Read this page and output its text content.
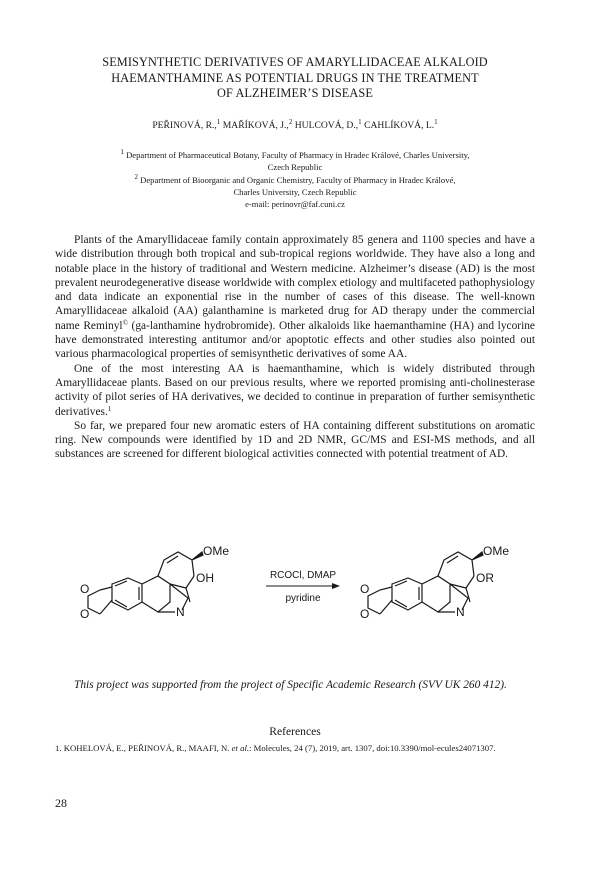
SEMISYNTHETIC DERIVATIVES OF AMARYLLIDACEAE ALKALOID
HAEMANTHAMINE AS POTENTIAL DRUGS IN THE TREATMENT
OF ALZHEIMER’S DISEASE
PEŘINOVÁ, R.,$^1$ MAŘÍKOVÁ, J.,$^2$ HULCOVÁ, D.,$^1$ CAHLÍKOVÁ, L.$^1$
$^1$ Department of Pharmaceutical Botany, Faculty of Pharmacy in Hradec Králové, Charles University,
Czech Republic
$^2$ Department of Bioorganic and Organic Chemistry, Faculty of Pharmacy in Hradec Králové,
Charles University, Czech Republic
e-mail: perinovr@faf.cuni.cz

Plants of the Amaryllidaceae family contain approximately 85 genera and 1100 species and have a wide distribution through both tropical and sub-tropical regions worldwide. They have also a long and notable place in the history of traditional and Western medicine. Alzheimer’s disease (AD) is the most prevalent neurodegenerative disease worldwide with complex etiology and multifaceted pathophysiology and data indicate an exponential rise in the number of cases of this disease. The well-known Amaryllidaceae alkaloid (AA) galanthamine is marketed drug for AD therapy under the commercial name Reminyl© (ga-lanthamine hydrobromide). Other alkaloids like haemanthamine (HA) and lycorine have demonstrated interesting antitumor and/or apoptotic effects and other studies also pointed out various pharmacological properties of semisynthetic derivatives of some AA.

One of the most interesting AA is haemanthamine, which is widely distributed through Amaryllidaceae plants. Based on our previous results, where we reported promising anti-cholinesterase activity of pilot series of HA derivatives, we decided to continue in preparation of further semisynthetic derivatives.$^1$

So far, we prepared four new aromatic esters of HA containing different substitutions on aromatic ring. New compounds were identified by 1D and 2D NMR, GC/MS and ESI-MS methods, and all substances are screened for different biological activities connected with potential treatment of AD.

OMe
OH
N
O
O
RCOCl, DMAP
pyridine
OMe
OR
N
O
O
This project was supported from the project of Specific Academic Research (SVV UK 260 412).
References
1. KOHELOVÁ, E., PEŘINOVÁ, R., MAAFI, N. et al.: Molecules, 24 (7), 2019, art. 1307, doi:10.3390/mol-ecules24071307.
28
